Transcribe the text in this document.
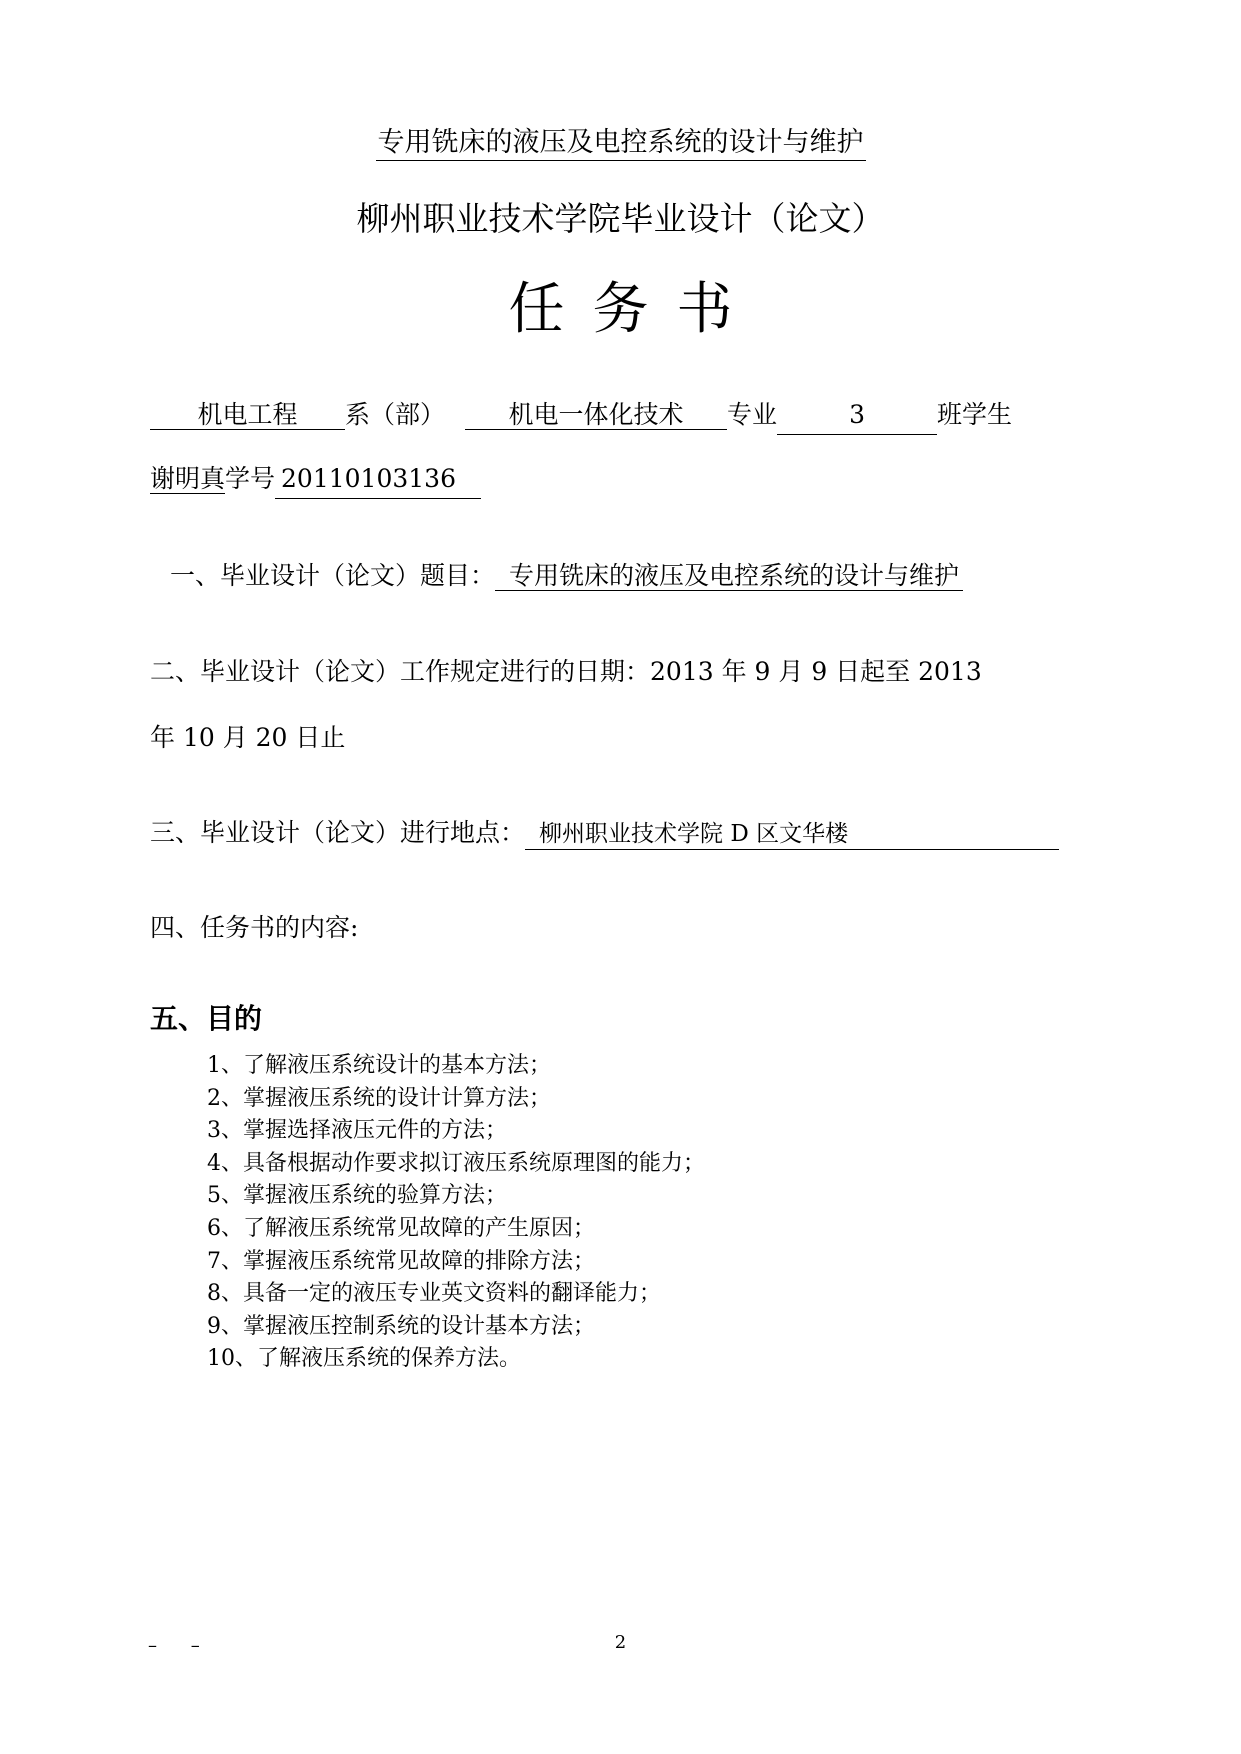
专用铣床的液压及电控系统的设计与维护
柳州职业技术学院毕业设计（论文）
任务书
机电工程 系（部）	机电一体化技术 专业	3	班学生
谢明真学号 20110103136
一、毕业设计（论文）题目： 专用铣床的液压及电控系统的设计与维护
二、毕业设计（论文）工作规定进行的日期：2013 年 9 月 9 日起至 2013
年 10 月 20 日止
三、毕业设计（论文）进行地点： 柳州职业技术学院 D 区文华楼
四、任务书的内容:
五、目的
1、了解液压系统设计的基本方法；
2、掌握液压系统的设计计算方法；
3、掌握选择液压元件的方法；
4、具备根据动作要求拟订液压系统原理图的能力；
5、掌握液压系统的验算方法；
6、了解液压系统常见故障的产生原因；
7、掌握液压系统常见故障的排除方法；
8、具备一定的液压专业英文资料的翻译能力；
9、掌握液压控制系统的设计基本方法；
10、了解液压系统的保养方法。
– –	2
